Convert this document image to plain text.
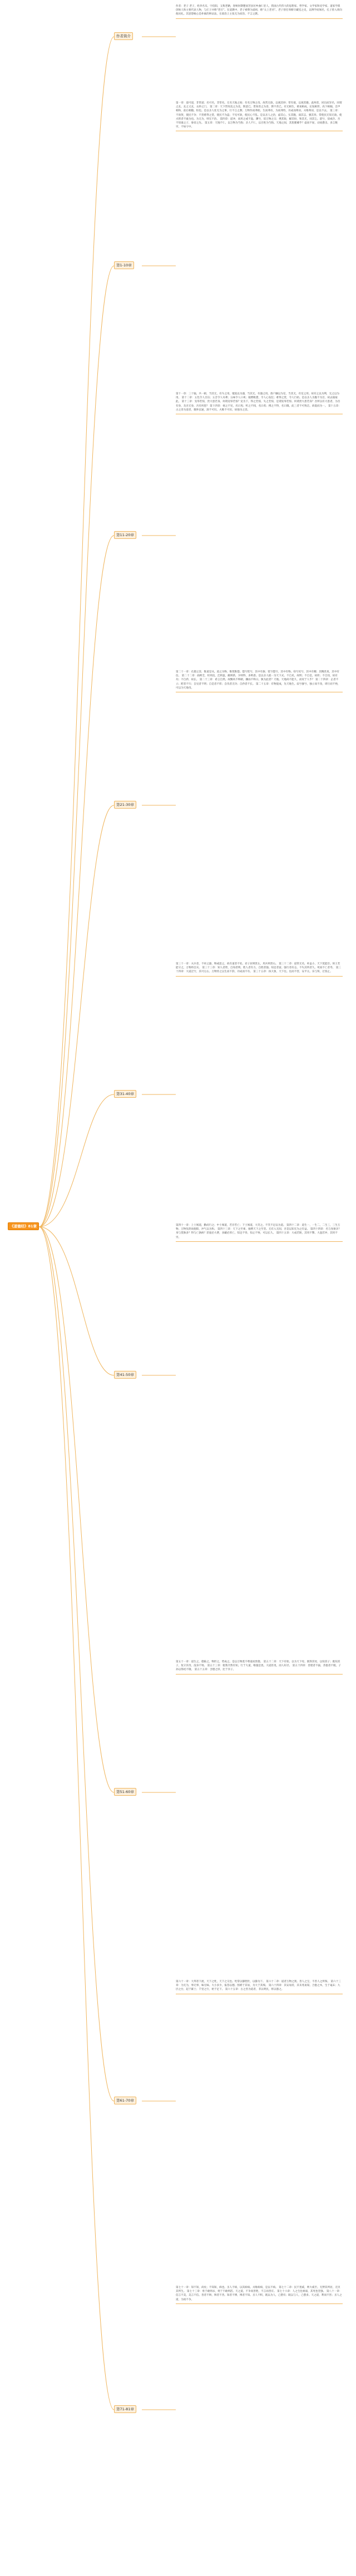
《道德经》81章
作者简介

作者：老子 老子，姓李名耳，字伯阳，又称老聃，春秋时期楚国苦县厉乡曲仁里人，我国古代伟大的思想家、哲学家、文学家和史学家，道家学派创始人和主要代表人物，与庄子并称“老庄”。在道教中，老子被尊为道祖，称“太上老君”。老子曾任周朝守藏室之史，以博学而闻名，孔子曾入周向他问礼。其思想核心是朴素的辩证法，在政治上主张无为而治、不言之教。

第1-10章

第一章：道可道，非常道；名可名，非常名。无名天地之始；有名万物之母。故常无欲，以观其妙；常有欲，以观其徼。此两者，同出而异名，同谓之玄。玄之又玄，众妙之门。 第二章：天下皆知美之为美，斯恶已。皆知善之为善，斯不善已。有无相生，难易相成，长短相形，高下相倾，音声相和，前后相随。恒也。是以圣人处无为之事，行不言之教；万物作而弗始，生而弗有，为而弗恃，功成而弗居。夫唯弗居，是以不去。 第三章：不尚贤，使民不争；不贵难得之货，使民不为盗；不见可欲，使民心不乱。是以圣人之治，虚其心，实其腹，弱其志，强其骨。常使民无知无欲。使夫智者不敢为也。为无为，则无不治。 第四章：道冲，而用之或不盈。渊兮，似万物之宗；挫其锐，解其纷，和其光，同其尘。湛兮，似或存。吾不知谁之子，象帝之先。 第五章：天地不仁，以万物为刍狗；圣人不仁，以百姓为刍狗。天地之间，其犹橐龠乎？虚而不屈，动而愈出。多言数穷，不如守中。

第11-20章

第十一章：三十辐，共一毂，当其无，有车之用。埏埴以为器，当其无，有器之用。凿户牖以为室，当其无，有室之用。故有之以为利，无之以为用。 第十二章：五色令人目盲；五音令人耳聋；五味令人口爽；驰骋畋猎，令人心发狂；难得之货，令人行妨。是以圣人为腹不为目，故去彼取此。 第十三章：宠辱若惊，贵大患若身。何谓宠辱若惊？宠为下，得之若惊，失之若惊，是谓宠辱若惊。何谓贵大患若身？吾所以有大患者，为吾有身，及吾无身，吾有何患？ 第十四章：视之不见，名曰夷；听之不闻，名曰希；搏之不得，名曰微。此三者不可致诘，故混而为一。 第十五章：古之善为道者，微妙玄通，深不可识。夫唯不可识，故强为之容。

第21-30章

第二十一章：孔德之容，惟道是从。道之为物，惟恍惟惚。惚兮恍兮，其中有象；恍兮惚兮，其中有物。窈兮冥兮，其中有精；其精甚真，其中有信。 第二十二章：曲则全，枉则直，洼则盈，敝则新，少则得，多则惑。是以圣人抱一为天下式。不自见，故明；不自是，故彰；不自伐，故有功；不自矜，故长。 第二十三章：希言自然。故飘风不终朝，骤雨不终日。孰为此者？天地。天地尚不能久，而况于人乎？ 第二十四章：企者不立；跨者不行；自见者不明；自是者不彰；自伐者无功；自矜者不长。 第二十五章：有物混成，先天地生。寂兮寥兮，独立而不改，周行而不殆，可以为天地母。

第31-40章

第三十一章：夫兵者，不祥之器，物或恶之，故有道者不处。君子居则贵左，用兵则贵右。 第三十二章：道常无名，朴虽小，天下莫能臣。侯王若能守之，万物将自宾。 第三十三章：知人者智，自知者明。胜人者有力，自胜者强。知足者富。强行者有志。不失其所者久。死而不亡者寿。 第三十四章：大道泛兮，其可左右。万物恃之以生而不辞，功成而不有。 第三十五章：执大象，天下往。往而不害，安平太。乐与饵，过客止。

第41-50章

第四十一章：上士闻道，勤而行之；中士闻道，若存若亡；下士闻道，大笑之。不笑不足以为道。 第四十二章：道生一，一生二，二生三，三生万物。万物负阴而抱阳，冲气以为和。 第四十三章：天下之至柔，驰骋天下之至坚。无有入无间，吾是以知无为之有益。 第四十四章：名与身孰亲？身与货孰多？得与亡孰病？甚爱必大费，多藏必厚亡。知足不辱，知止不殆，可以长久。 第四十五章：大成若缺，其用不弊。大盈若冲，其用不穷。

第51-60章

第五十一章：道生之，德畜之，物形之，势成之。是以万物莫不尊道而贵德。 第五十二章：天下有始，以为天下母。既得其母，以知其子；既知其子，复守其母，没身不殆。 第五十三章：使我介然有知，行于大道，唯施是畏。大道甚夷，而人好径。 第五十四章：善建者不拔，善抱者不脱，子孙以祭祀不辍。 第五十五章：含德之厚，比于赤子。

第61-70章

第六十一章：大邦者下流，天下之牝，天下之交也。牝常以静胜牡，以静为下。 第六十二章：道者万物之奥。善人之宝，不善人之所保。 第六十三章：为无为，事无事，味无味。大小多少，报怨以德。图难于其易，为大于其细。 第六十四章：其安易持，其未兆易谋。合抱之木，生于毫末；九层之台，起于累土；千里之行，始于足下。 第六十五章：古之善为道者，非以明民，将以愚之。

第71-81章

第七十一章：知不知，尚矣；不知知，病也。圣人不病，以其病病。夫唯病病，是以不病。 第七十二章：民不畏威，则大威至。无狎其所居，无厌其所生。 第七十三章：勇于敢则杀，勇于不敢则活。天之道，不争而善胜，不言而善应。 第七十六章：人之生也柔弱，其死也坚强。 第八十一章：信言不美，美言不信。善者不辩，辩者不善。知者不博，博者不知。圣人不积，既以为人，己愈有；既以与人，己愈多。天之道，利而不害；圣人之道，为而不争。
